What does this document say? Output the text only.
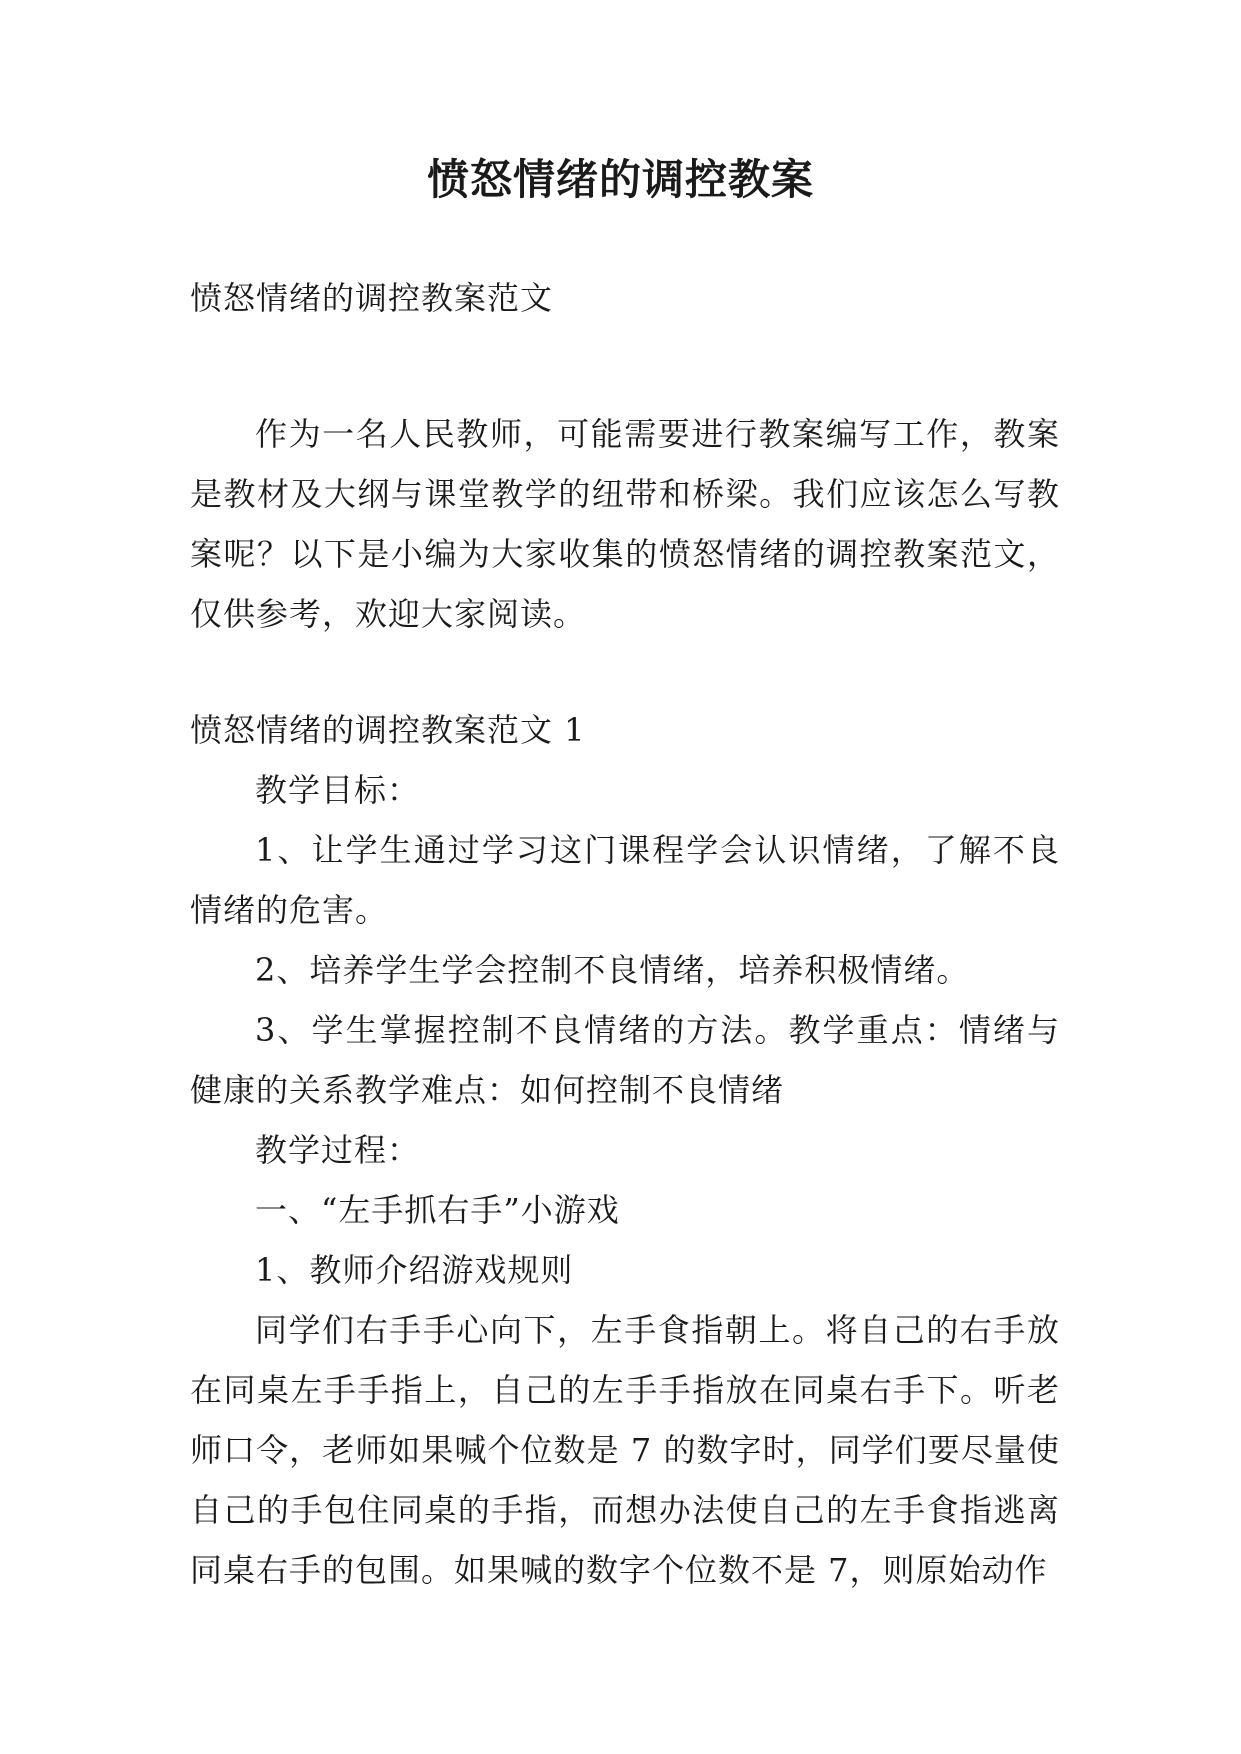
愤怒情绪的调控教案

愤怒情绪的调控教案范文

作为一名人民教师，可能需要进行教案编写工作，教案是教材及大纲与课堂教学的纽带和桥梁。我们应该怎么写教案呢？以下是小编为大家收集的愤怒情绪的调控教案范文，仅供参考，欢迎大家阅读。

愤怒情绪的调控教案范文 1

教学目标：

1、让学生通过学习这门课程学会认识情绪，了解不良情绪的危害。

2、培养学生学会控制不良情绪，培养积极情绪。

3、学生掌握控制不良情绪的方法。教学重点：情绪与健康的关系教学难点：如何控制不良情绪

教学过程：

一、“左手抓右手”小游戏

1、教师介绍游戏规则

同学们右手手心向下，左手食指朝上。将自己的右手放在同桌左手手指上，自己的左手手指放在同桌右手下。听老师口令，老师如果喊个位数是 7 的数字时，同学们要尽量使自己的手包住同桌的手指，而想办法使自己的左手食指逃离同桌右手的包围。如果喊的数字个位数不是 7，则原始动作
